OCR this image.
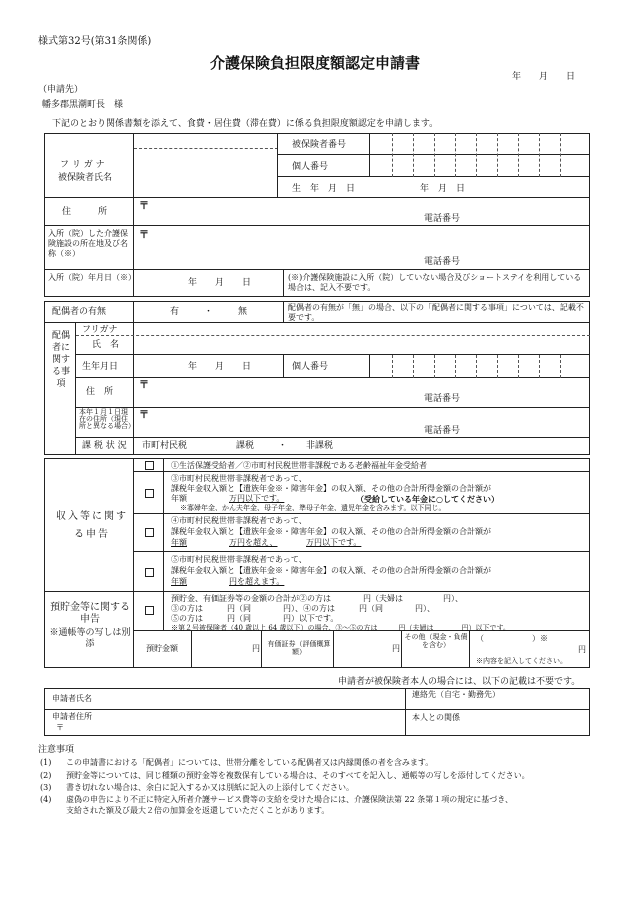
様式第32号(第31条関係)
介護保険負担限度額認定申請書
年　　月　　日
（申請先）
幡多郡黒潮町長　様
下記のとおり関係書類を添えて、食費・居住費（滞在費）に係る負担限度額認定を申請します。
フ リ ガ ナ
被保険者氏名
被保険者番号
個人番号
生　年　月　日	年　月　日
住　　　所	〒
電話番号
入所（院）した介護保険施設の所在地及び名称（※）
〒
電話番号
入所（院）年月日（※）
年　　月　　日
(※)介護保険施設に入所（院）していない場合及びショートステイを利用している場合は、記入不要です。
配偶者の有無	有	・	無	配偶者の有無が「無」の場合、以下の「配偶者に関する事項」については、記載不要です。
配偶者に関する事項
フリガナ
氏　名
生年月日	年　　月　　日	個人番号
住　所
〒
電話番号
本年１月１日現在の住所（現住所と異なる場合）
〒
電話番号
課 税 状 況 市町村民税	課税	・ 非課税
①生活保護受給者／②市町村民税世帯非課税である老齢福祉年金受給者
③市町村民税世帯非課税者であって、
課税年金収入額と【遺族年金※・障害年金】の収入額、その他の合計所得金額の合計額が
年額	万円以下です。	（受給している年金に○してください）
※寡婦年金、かん夫年金、母子年金、準母子年金、遺児年金を含みます。以下同じ。
④市町村民税世帯非課税者であって、
課税年金収入額と【遺族年金※・障害年金】の収入額、その他の合計所得金額の合計額が
年額	万円を超え、	万円以下です。
⑤市町村民税世帯非課税者であって、
課税年金収入額と【遺族年金※・障害年金】の収入額、その他の合計所得金額の合計額が
年額	円を超えます。
収入等に関する申告
預貯金等に関する申告
※通帳等の写しは別添
預貯金、有価証券等の金額の合計が②の方は　　　　円（夫婦は　　　　　円）、
③の方は　　　円（同　　　　円）、④の方は　　　円（同　　　　円）、
⑤の方は　　　円（同　　　　円）以下です。
※第２号被保険者（40 歳以上 64 歳以下）の場合、③～⑤の方は　　　円（夫婦は　　　　円）以下です。
預貯金額	円 有価証券（評価概算額）	円
その他（現金・負債を含む）
（　　　　　　）※
円
※内容を記入してください。
申請者が被保険者本人の場合には、以下の記載は不要です。
申請者氏名	連絡先（自宅・勤務先）
申請者住所
〒
本人との関係
注意事項
(1) この申請書における「配偶者」については、世帯分離をしている配偶者又は内縁関係の者を含みます。
(2) 預貯金等については、同じ種類の預貯金等を複数保有している場合は、そのすべてを記入し、通帳等の写しを添付してください。
(3) 書き切れない場合は、余白に記入するか又は別紙に記入の上添付してください。
(4) 虚偽の申告により不正に特定入所者介護サービス費等の支給を受けた場合には、介護保険法第 22 条第１項の規定に基づき、
支給された額及び最大２倍の加算金を返還していただくことがあります。
